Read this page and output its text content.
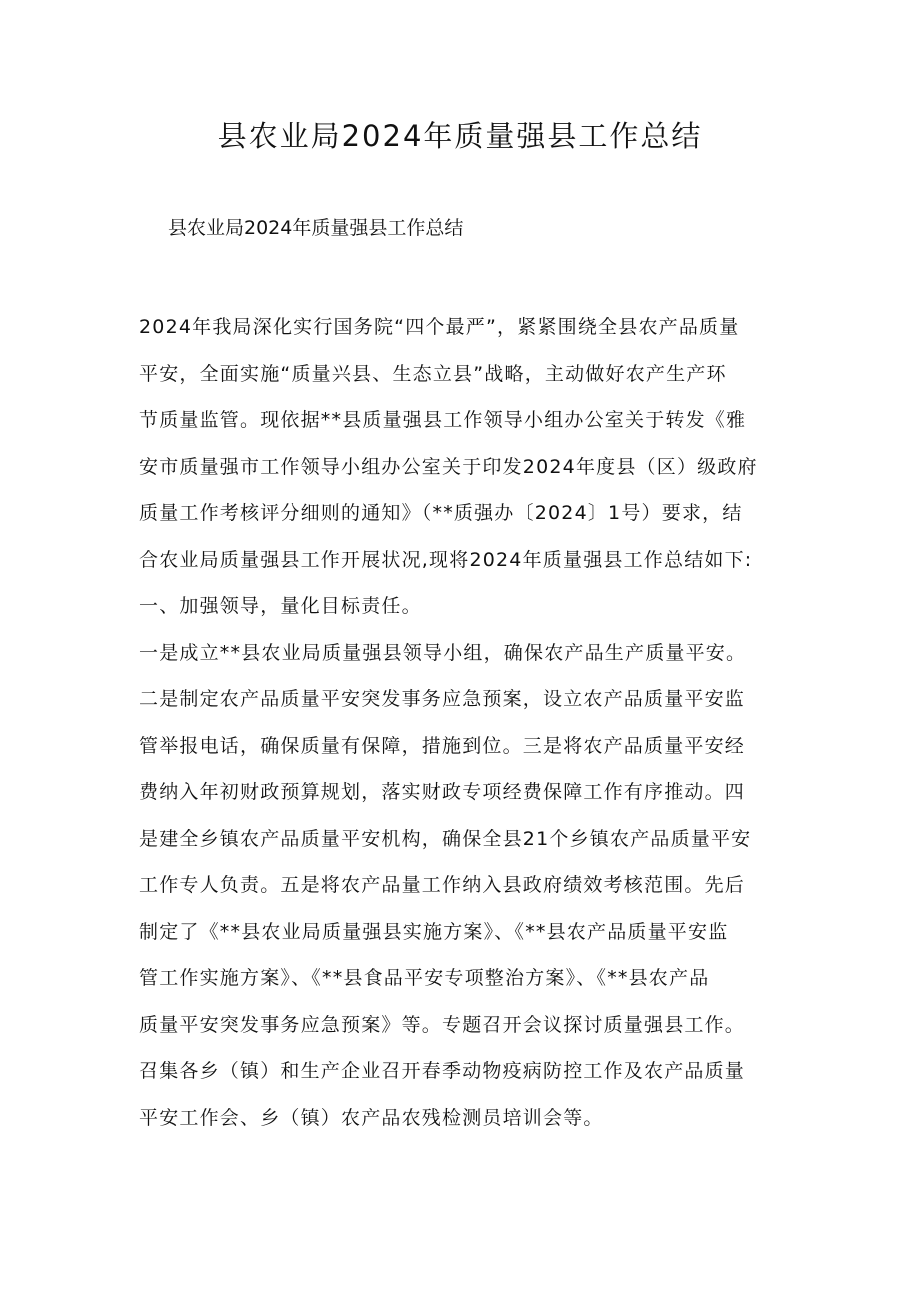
县农业局2024年质量强县工作总结

县农业局2024年质量强县工作总结

2024年我局深化实行国务院“四个最严”，紧紧围绕全县农产品质量
平安，全面实施“质量兴县、生态立县”战略，主动做好农产生产环
节质量监管。现依据**县质量强县工作领导小组办公室关于转发《雅
安市质量强市工作领导小组办公室关于印发2024年度县（区）级政府
质量工作考核评分细则的通知》（**质强办〔2024〕1号）要求，结
合农业局质量强县工作开展状况,现将2024年质量强县工作总结如下:
一、加强领导，量化目标责任。
一是成立**县农业局质量强县领导小组，确保农产品生产质量平安。
二是制定农产品质量平安突发事务应急预案，设立农产品质量平安监
管举报电话，确保质量有保障，措施到位。三是将农产品质量平安经
费纳入年初财政预算规划，落实财政专项经费保障工作有序推动。四
是建全乡镇农产品质量平安机构，确保全县21个乡镇农产品质量平安
工作专人负责。五是将农产品量工作纳入县政府绩效考核范围。先后
制定了《**县农业局质量强县实施方案》、《**县农产品质量平安监
管工作实施方案》、《**县食品平安专项整治方案》、《**县农产品
质量平安突发事务应急预案》等。专题召开会议探讨质量强县工作。
召集各乡（镇）和生产企业召开春季动物疫病防控工作及农产品质量
平安工作会、乡（镇）农产品农残检测员培训会等。
